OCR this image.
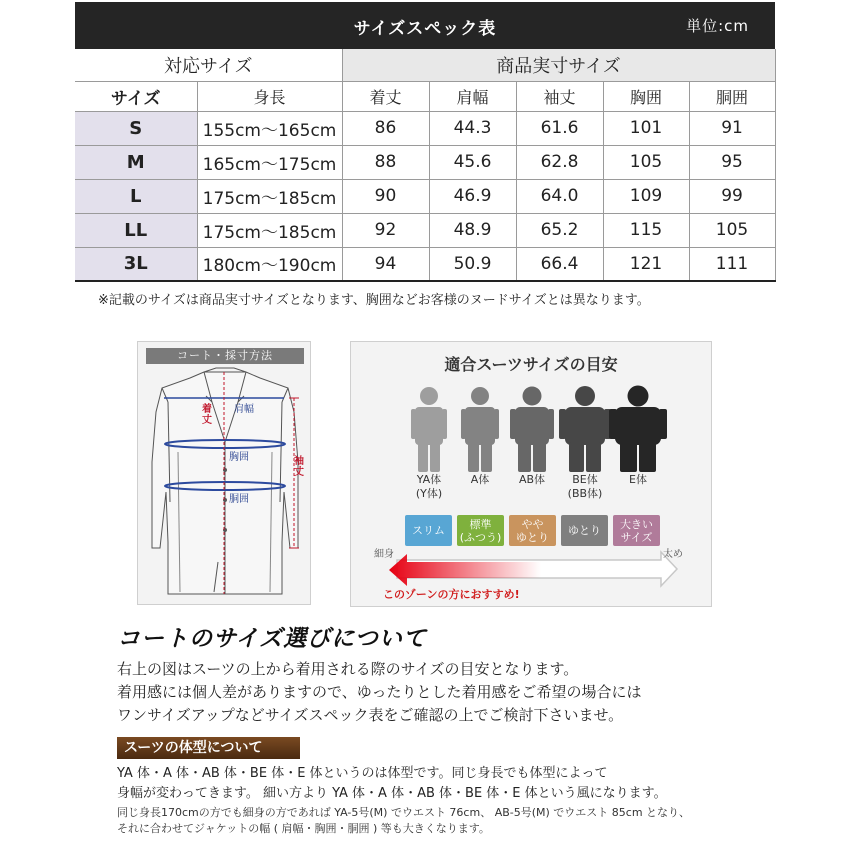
サイズスペック表	単位:cm
対応サイズ		商品実寸サイズ				
サイズ	身長	着丈	肩幅	袖丈	胸囲	胴囲
S	155cm～165cm	86	44.3	61.6	101	91
M	165cm～175cm	88	45.6	62.8	105	95
L	175cm～185cm	90	46.9	64.0	109	99
LL	175cm～185cm	92	48.9	65.2	115	105
3L	180cm～190cm	94	50.9	66.4	121	111
※記載のサイズは商品実寸サイズとなります、胸囲などお客様のヌードサイズとは異なります。
コート・採寸方法
着丈
肩幅
胸囲
胴囲
袖丈
適合スーツサイズの目安
YA体
(Y体)
A体	AB体	BE体
(BB体)
E体
スリム	標準
(ふつう)
やや
ゆとり ゆとり 大きい
サイズ
細身	太め
このゾーンの方におすすめ!
コートのサイズ選びについて
右上の図はスーツの上から着用される際のサイズの目安となります。
着用感には個人差がありますので、ゆったりとした着用感をご希望の場合には
ワンサイズアップなどサイズスペック表をご確認の上でご検討下さいませ。
スーツの体型について
YA 体・A 体・AB 体・BE 体・E 体というのは体型です。同じ身長でも体型によって
身幅が変わってきます。 細い方より YA 体・A 体・AB 体・BE 体・E 体という風になります。
同じ身長170cmの方でも細身の方であれば YA-5号(M) でウエスト 76cm、 AB-5号(M) でウエスト 85cm となり、
それに合わせてジャケットの幅 ( 肩幅・胸囲・胴囲 ) 等も大きくなります。
